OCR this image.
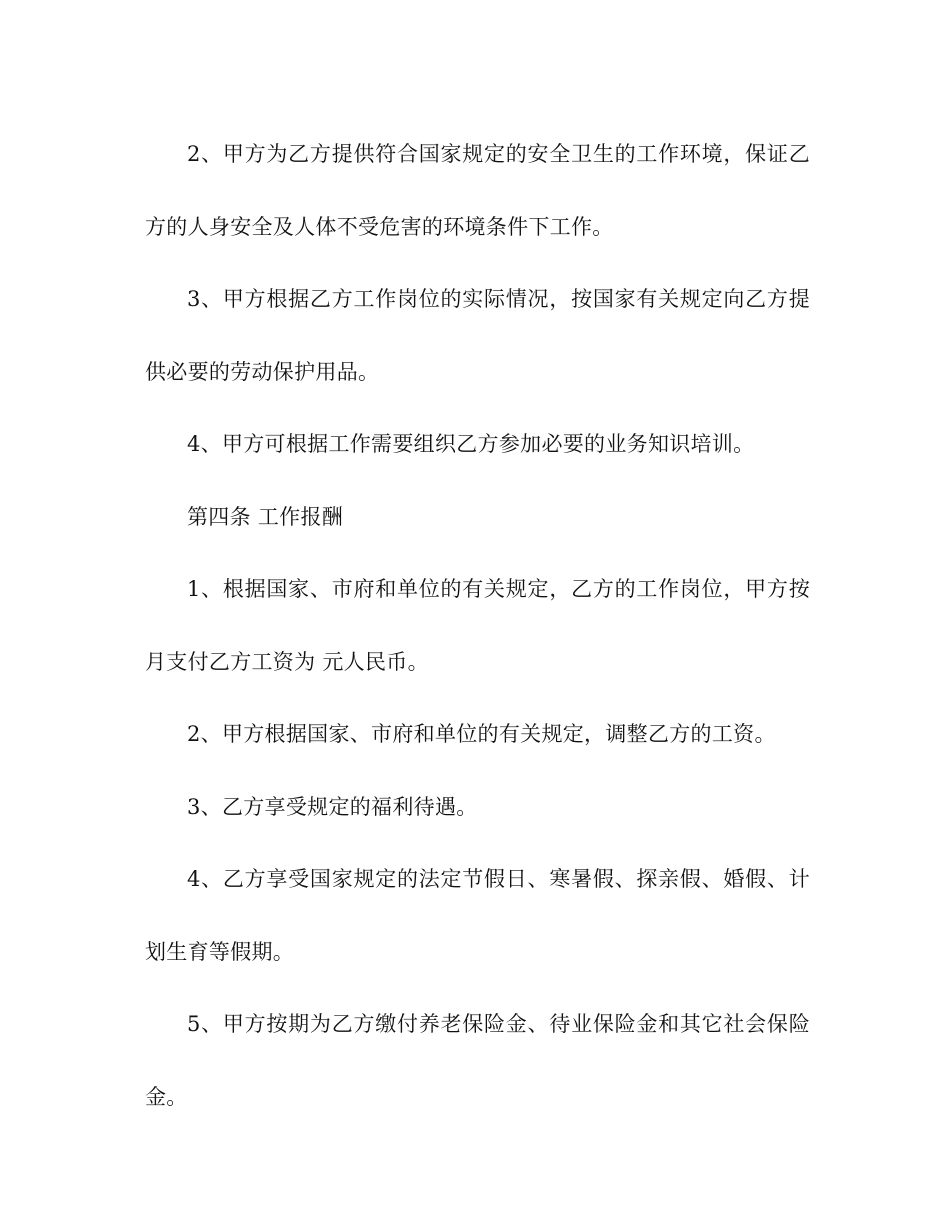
2、甲方为乙方提供符合国家规定的安全卫生的工作环境，保证乙方的人身安全及人体不受危害的环境条件下工作。

3、甲方根据乙方工作岗位的实际情况，按国家有关规定向乙方提供必要的劳动保护用品。

4、甲方可根据工作需要组织乙方参加必要的业务知识培训。

第四条 工作报酬

1、根据国家、市府和单位的有关规定，乙方的工作岗位，甲方按月支付乙方工资为 元人民币。

2、甲方根据国家、市府和单位的有关规定，调整乙方的工资。

3、乙方享受规定的福利待遇。

4、乙方享受国家规定的法定节假日、寒暑假、探亲假、婚假、计划生育等假期。

5、甲方按期为乙方缴付养老保险金、待业保险金和其它社会保险金。
